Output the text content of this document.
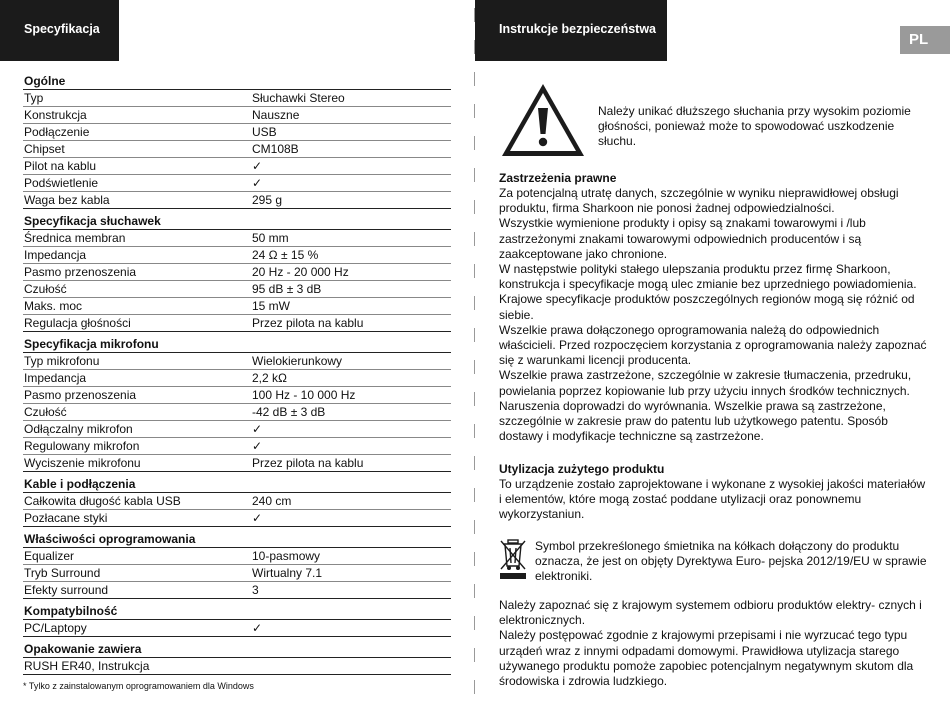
Specyfikacja	Instrukcje bezpieczeństwa
PL
Ogólne
Typ	Słuchawki Stereo
Konstrukcja	Nauszne
Podłączenie	USB
Chipset	CM108B
Pilot na kablu	✓
Podświetlenie	✓
Waga bez kabla	295 g
Specyfikacja słuchawek
Średnica membran	50 mm
Impedancja	24 Ω ± 15 %
Pasmo przenoszenia	20 Hz - 20 000 Hz
Czułość	95 dB ± 3 dB
Maks. moc	15 mW
Regulacja głośności	Przez pilota na kablu
Specyfikacja mikrofonu
Typ mikrofonu	Wielokierunkowy
Impedancja	2,2 kΩ
Pasmo przenoszenia	100 Hz - 10 000 Hz
Czułość	-42 dB ± 3 dB
Odłączalny mikrofon	✓
Regulowany mikrofon	✓
Wyciszenie mikrofonu	Przez pilota na kablu
Kable i podłączenia
Całkowita długość kabla USB	240 cm
Pozłacane styki	✓
Właściwości oprogramowania
Equalizer	10-pasmowy
Tryb Surround	Wirtualny 7.1
Efekty surround	3
Kompatybilność
PC/Laptopy	✓
Opakowanie zawiera
RUSH ER40, Instrukcja
* Tylko z zainstalowanym oprogramowaniem dla Windows
Należy unikać dłuższego słuchania przy wysokim poziomie głośności, ponieważ może to spowodować uszkodzenie słuchu.
Zastrzeżenia prawne

Za potencjalną utratę danych, szczególnie w wyniku nieprawidłowej obsługi produktu, firma Sharkoon nie ponosi żadnej odpowiedzialności.

Wszystkie wymienione produkty i opisy są znakami towarowymi i /lub zastrzeżonymi znakami towarowymi odpowiednich producentów i są zaakceptowane jako chronione.

W następstwie polityki stałego ulepszania produktu przez firmę Sharkoon, konstrukcja i specyfikacje mogą ulec zmianie bez uprzedniego powiadomienia. Krajowe specyfikacje produktów poszczególnych regionów mogą się różnić od siebie.

Wszelkie prawa dołączonego oprogramowania należą do odpowiednich właścicieli. Przed rozpoczęciem korzystania z oprogramowania należy zapoznać się z warunkami licencji producenta.

Wszelkie prawa zastrzeżone, szczególnie w zakresie tłumaczenia, przedruku, powielania poprzez kopiowanie lub przy użyciu innych środków technicznych. Naruszenia doprowadzi do wyrównania. Wszelkie prawa są zastrzeżone, szczególnie w zakresie praw do patentu lub użytkowego patentu. Sposób dostawy i modyfikacje techniczne są zastrzeżone.

Utylizacja zużytego produktu
To urządzenie zostało zaprojektowane i wykonane z wysokiej jakości materiałów i elementów, które mogą zostać poddane utylizacji oraz ponownemu wykorzystaniun.
Symbol przekreślonego śmietnika na kółkach dołączony do produktu oznacza, że jest on objęty Dyrektywa Euro- pejska 2012/19/EU w sprawie elektroniki.

Należy zapoznać się z krajowym systemem odbioru produktów elektry- cznych i elektronicznych.

Należy postępować zgodnie z krajowymi przepisami i nie wyrzucać tego typu urządeń wraz z innymi odpadami domowymi. Prawidłowa utylizacja starego używanego produktu pomoże zapobiec potencjalnym negatywnym skutom dla środowiska i zdrowia ludzkiego.
